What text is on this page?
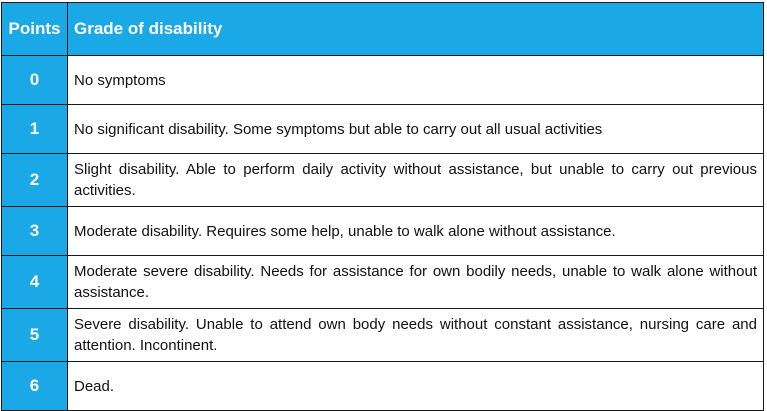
Points	Grade of disability
0	No symptoms
1	No significant disability. Some symptoms but able to carry out all usual activities
2	Slight disability. Able to perform daily activity without assistance, but unable to carry out previous activities.
3	Moderate disability. Requires some help, unable to walk alone without assistance.
4	Moderate severe disability. Needs for assistance for own bodily needs, unable to walk alone without assistance.
5	Severe disability. Unable to attend own body needs without constant assistance, nursing care and attention. Incontinent.
6	Dead.
